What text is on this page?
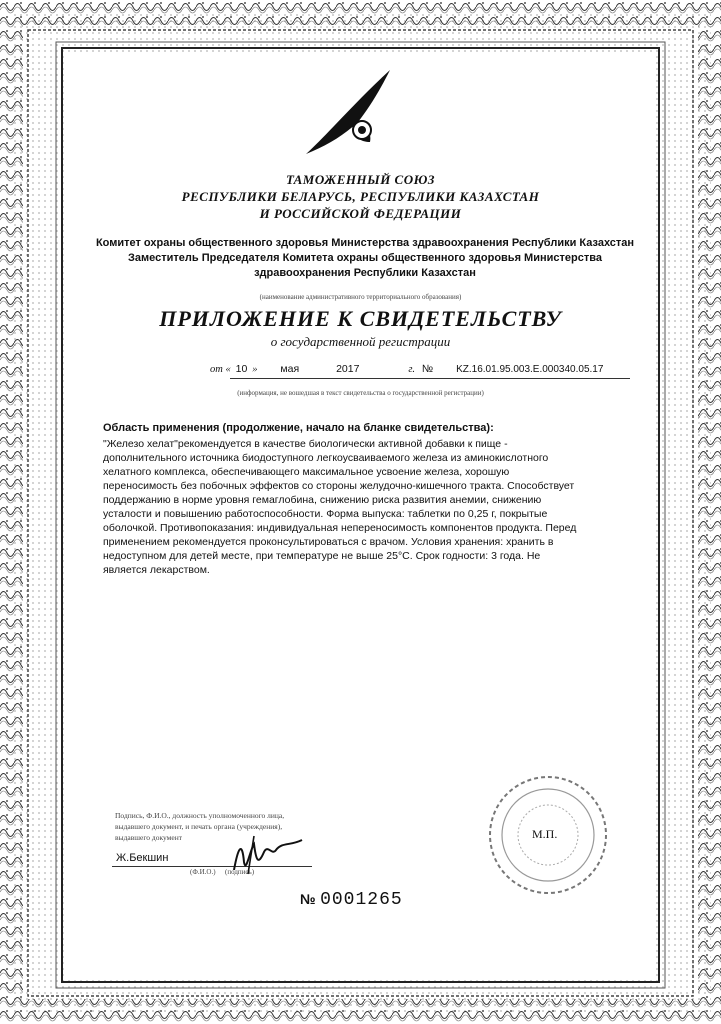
ТАМОЖЕННЫЙ СОЮЗ
РЕСПУБЛИКИ БЕЛАРУСЬ, РЕСПУБЛИКИ КАЗАХСТАН
И РОССИЙСКОЙ ФЕДЕРАЦИИ
Комитет охраны общественного здоровья Министерства здравоохранения Республики Казахстан
Заместитель Председателя Комитета охраны общественного здоровья Министерства
здравоохранения Республики Казахстан
(наименование административного территориального образования)
ПРИЛОЖЕНИЕ К СВИДЕТЕЛЬСТВУ
о государственной регистрации
от « 10 » мая	2017	г. № KZ.16.01.95.003.E.000340.05.17
(информация, не вошедшая в текст свидетельства о государственной регистрации)
Область применения (продолжение, начало на бланке свидетельства):
"Железо хелат"рекомендуется в качестве биологически активной добавки к пище -
дополнительного источника биодоступного легкоусваиваемого железа из аминокислотного
хелатного комплекса, обеспечивающего максимальное усвоение железа, хорошую
переносимость без побочных эффектов со стороны желудочно-кишечного тракта. Способствует
поддержанию в норме уровня гемаглобина, снижению риска развития анемии, снижению
усталости и повышению работоспособности. Форма выпуска: таблетки по 0,25 г, покрытые
оболочкой. Противопоказания: индивидуальная непереносимость компонентов продукта. Перед
применением рекомендуется проконсультироваться с врачом. Условия хранения: хранить в
недоступном для детей месте, при температуре не выше 25°С. Срок годности: 3 года. Не
является лекарством.
Подпись, Ф.И.О., должность уполномоченного лица,
выдавшего документ, и печать органа (учреждения),
выдавшего документ
Ж.Бекшин
(Ф.И.О.) (подпись)
М.П.
№ 0001265
